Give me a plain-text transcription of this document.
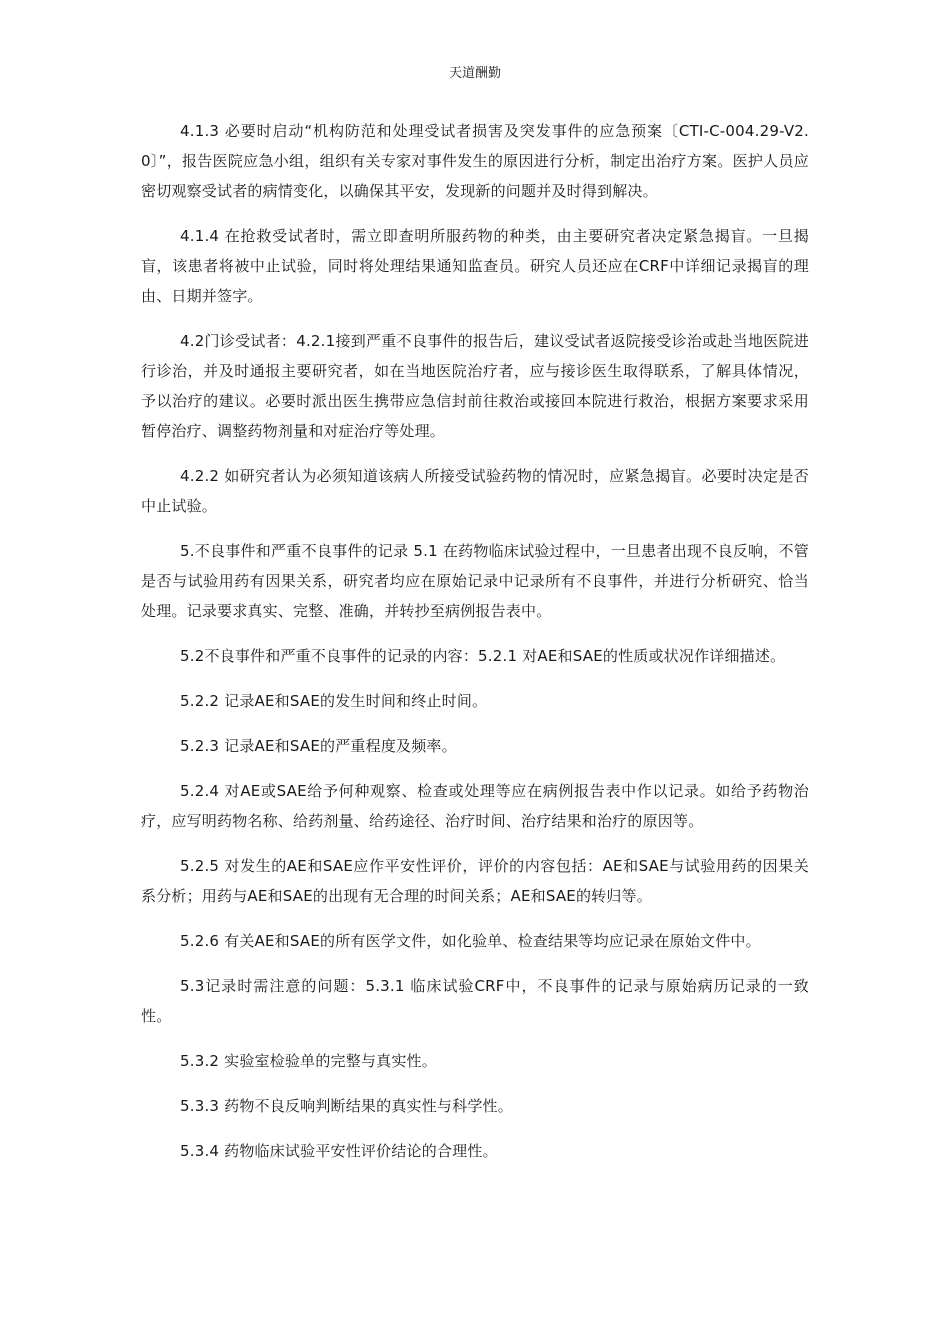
天道酬勤

4.1.3 必要时启动“机构防范和处理受试者损害及突发事件的应急预案〔CTI-C-004.29-V2.0〕”，报告医院应急小组，组织有关专家对事件发生的原因进行分析，制定出治疗方案。医护人员应密切观察受试者的病情变化，以确保其平安，发现新的问题并及时得到解决。

4.1.4 在抢救受试者时，需立即查明所服药物的种类，由主要研究者决定紧急揭盲。一旦揭盲，该患者将被中止试验，同时将处理结果通知监查员。研究人员还应在CRF中详细记录揭盲的理由、日期并签字。

4.2门诊受试者：4.2.1接到严重不良事件的报告后，建议受试者返院接受诊治或赴当地医院进行诊治，并及时通报主要研究者，如在当地医院治疗者，应与接诊医生取得联系，了解具体情况，予以治疗的建议。必要时派出医生携带应急信封前往救治或接回本院进行救治，根据方案要求采用暂停治疗、调整药物剂量和对症治疗等处理。

4.2.2 如研究者认为必须知道该病人所接受试验药物的情况时，应紧急揭盲。必要时决定是否中止试验。

5.不良事件和严重不良事件的记录 5.1 在药物临床试验过程中，一旦患者出现不良反响，不管是否与试验用药有因果关系，研究者均应在原始记录中记录所有不良事件，并进行分析研究、恰当处理。记录要求真实、完整、准确，并转抄至病例报告表中。

5.2不良事件和严重不良事件的记录的内容：5.2.1 对AE和SAE的性质或状况作详细描述。

5.2.2 记录AE和SAE的发生时间和终止时间。

5.2.3 记录AE和SAE的严重程度及频率。

5.2.4 对AE或SAE给予何种观察、检查或处理等应在病例报告表中作以记录。如给予药物治疗，应写明药物名称、给药剂量、给药途径、治疗时间、治疗结果和治疗的原因等。

5.2.5 对发生的AE和SAE应作平安性评价，评价的内容包括：AE和SAE与试验用药的因果关系分析；用药与AE和SAE的出现有无合理的时间关系；AE和SAE的转归等。

5.2.6 有关AE和SAE的所有医学文件，如化验单、检查结果等均应记录在原始文件中。

5.3记录时需注意的问题：5.3.1 临床试验CRF中，不良事件的记录与原始病历记录的一致性。

5.3.2 实验室检验单的完整与真实性。

5.3.3 药物不良反响判断结果的真实性与科学性。

5.3.4 药物临床试验平安性评价结论的合理性。
